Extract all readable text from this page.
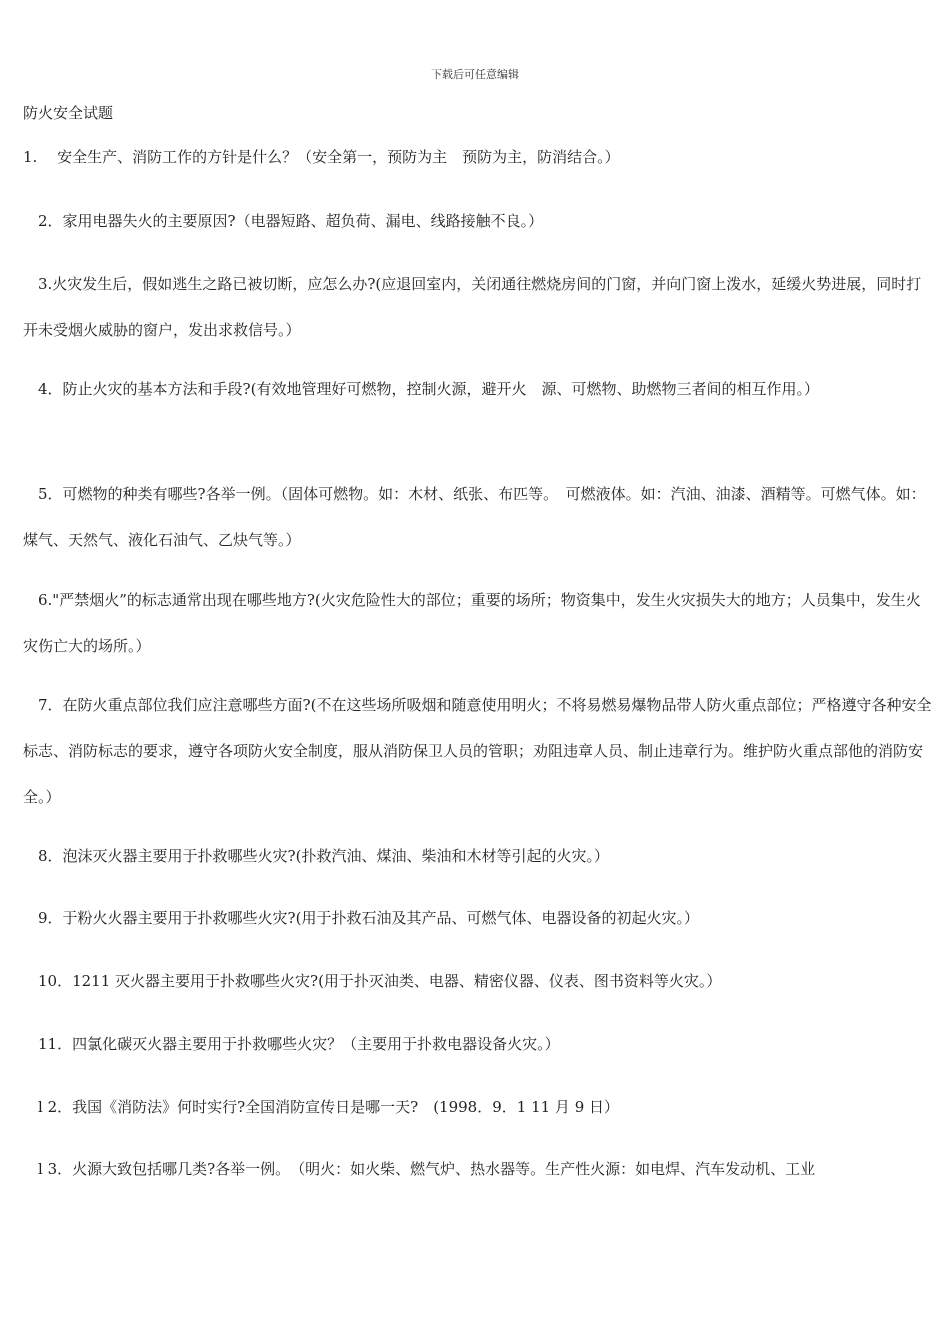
下载后可任意编辑
防火安全试题
1.　 安全生产、消防工作的方针是什么？（安全第一，预防为主　预防为主，防消结合。）
　2．家用电器失火的主要原因?（电器短路、超负荷、漏电、线路接触不良。）
　3.火灾发生后，假如逃生之路已被切断，应怎么办?(应退回室内，关闭通往燃烧房间的门窗，并向门窗上泼水，延缓火势进展，同时打开未受烟火威胁的窗户，发出求救信号。）
　4．防止火灾的基本方法和手段?(有效地管理好可燃物，控制火源，避开火　源、可燃物、助燃物三者间的相互作用。）
　5．可燃物的种类有哪些?各举一例。（固体可燃物。如：木材、纸张、布匹等。　可燃液体。如：汽油、油漆、酒精等。可燃气体。如：煤气、天然气、液化石油气、乙炔气等。）
　6."严禁烟火”的标志通常出现在哪些地方?(火灾危险性大的部位；重要的场所；物资集中，发生火灾损失大的地方；人员集中，发生火灾伤亡大的场所。）
　7．在防火重点部位我们应注意哪些方面?(不在这些场所吸烟和随意使用明火；不将易燃易爆物品带人防火重点部位；严格遵守各种安全标志、消防标志的要求，遵守各项防火安全制度，服从消防保卫人员的管职；劝阻违章人员、制止违章行为。维护防火重点部他的消防安全。）
　8．泡沫灭火器主要用于扑救哪些火灾?(扑救汽油、煤油、柴油和木材等引起的火灾。）
　9．于粉火火器主要用于扑救哪些火灾?(用于扑救石油及其产品、可燃气体、电器设备的初起火灾。）
　10．1211 灭火器主要用于扑救哪些火灾?(用于扑灭油类、电器、精密仪器、仪表、图书资料等火灾。）
　11．四氯化碳灭火器主要用于扑救哪些火灾？（主要用于扑救电器设备火灾。）
　l 2．我国《消防法》何时实行?全国消防宣传日是哪一天?　(1998．9．1 11 月 9 日）
　l 3．火源大致包括哪几类?各举一例。　（明火：如火柴、燃气炉、热水器等。生产性火源：如电焊、汽车发动机、工业
